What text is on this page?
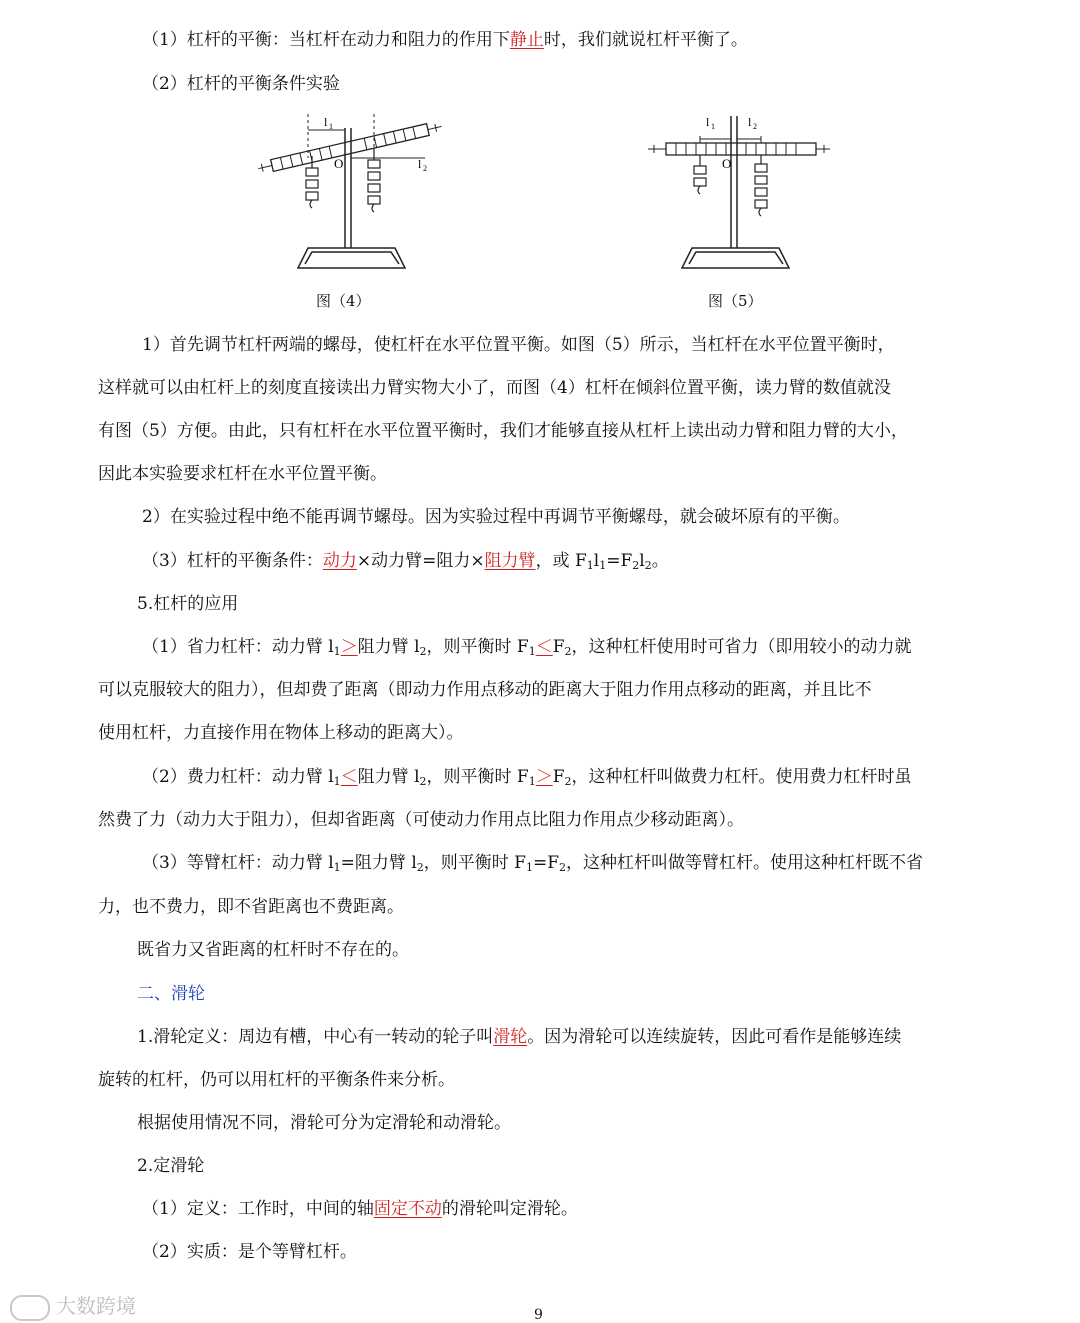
（1）杠杆的平衡：当杠杆在动力和阻力的作用下静止时，我们就说杠杆平衡了。
（2）杠杆的平衡条件实验
l 1
l 2
O
图（4）
l 1	l 2
O
图（5）
1）首先调节杠杆两端的螺母，使杠杆在水平位置平衡。如图（5）所示，当杠杆在水平位置平衡时，
这样就可以由杠杆上的刻度直接读出力臂实物大小了，而图（4）杠杆在倾斜位置平衡，读力臂的数值就没
有图（5）方便。由此，只有杠杆在水平位置平衡时，我们才能够直接从杠杆上读出动力臂和阻力臂的大小，
因此本实验要求杠杆在水平位置平衡。
2）在实验过程中绝不能再调节螺母。因为实验过程中再调节平衡螺母，就会破坏原有的平衡。
（3）杠杆的平衡条件：动力×动力臂=阻力×阻力臂，或 $F_1l_1=F_2l_2$。
5.杠杆的应用
（1）省力杠杆：动力臂 $l_1>$阻力臂 $l_2$，则平衡时 $F_1<F_2$，这种杠杆使用时可省力（即用较小的动力就
可以克服较大的阻力），但却费了距离（即动力作用点移动的距离大于阻力作用点移动的距离，并且比不
使用杠杆，力直接作用在物体上移动的距离大）。
（2）费力杠杆：动力臂 $l_1<$阻力臂 $l_2$，则平衡时 $F_1>F_2$，这种杠杆叫做费力杠杆。使用费力杠杆时虽
然费了力（动力大于阻力），但却省距离（可使动力作用点比阻力作用点少移动距离）。
（3）等臂杠杆：动力臂 $l_1=$阻力臂 $l_2$，则平衡时 $F_1=F_2$，这种杠杆叫做等臂杠杆。使用这种杠杆既不省
力，也不费力，即不省距离也不费距离。
既省力又省距离的杠杆时不存在的。
二、滑轮
1.滑轮定义：周边有槽，中心有一转动的轮子叫滑轮。因为滑轮可以连续旋转，因此可看作是能够连续
旋转的杠杆，仍可以用杠杆的平衡条件来分析。
根据使用情况不同，滑轮可分为定滑轮和动滑轮。
2.定滑轮
（1）定义：工作时，中间的轴固定不动的滑轮叫定滑轮。
（2）实质：是个等臂杠杆。
大数跨境	9
